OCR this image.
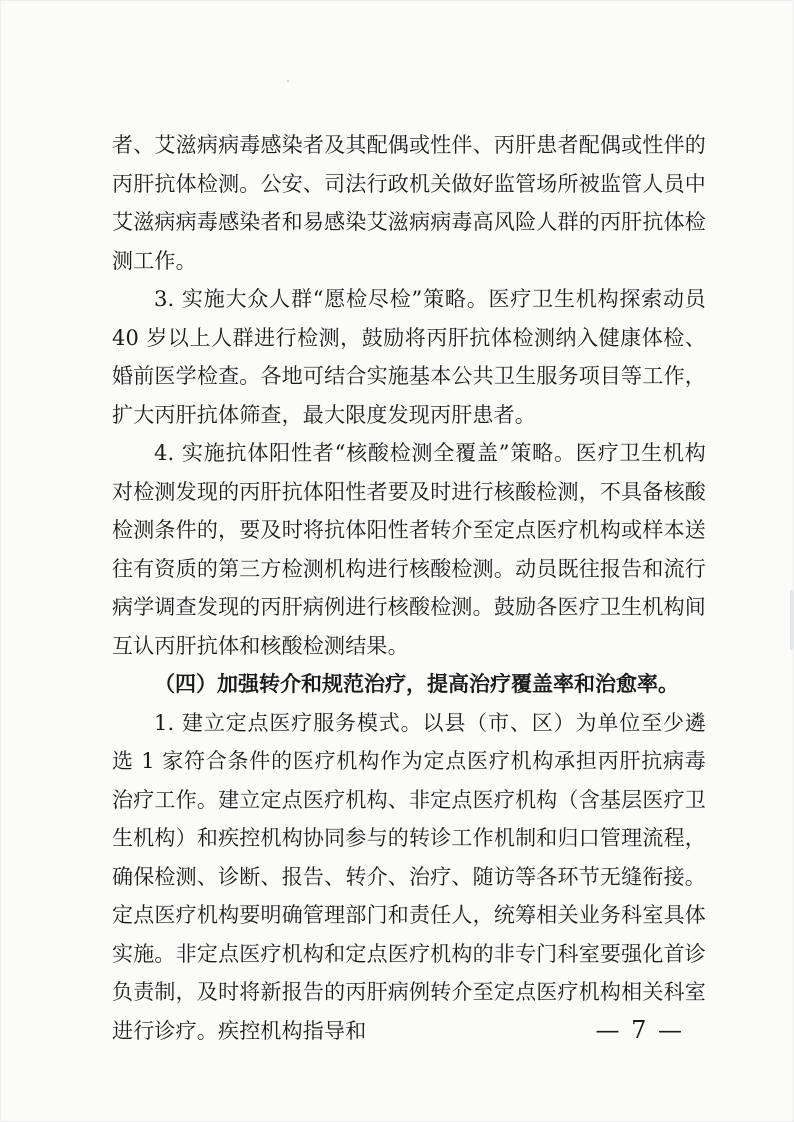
者、艾滋病病毒感染者及其配偶或性伴、丙肝患者配偶或性伴的丙肝抗体检测。公安、司法行政机关做好监管场所被监管人员中艾滋病病毒感染者和易感染艾滋病病毒高风险人群的丙肝抗体检测工作。

3. 实施大众人群“愿检尽检”策略。医疗卫生机构探索动员 40 岁以上人群进行检测，鼓励将丙肝抗体检测纳入健康体检、婚前医学检查。各地可结合实施基本公共卫生服务项目等工作，扩大丙肝抗体筛查，最大限度发现丙肝患者。

4. 实施抗体阳性者“核酸检测全覆盖”策略。医疗卫生机构对检测发现的丙肝抗体阳性者要及时进行核酸检测，不具备核酸检测条件的，要及时将抗体阳性者转介至定点医疗机构或样本送往有资质的第三方检测机构进行核酸检测。动员既往报告和流行病学调查发现的丙肝病例进行核酸检测。鼓励各医疗卫生机构间互认丙肝抗体和核酸检测结果。

（四）加强转介和规范治疗，提高治疗覆盖率和治愈率。

1. 建立定点医疗服务模式。以县（市、区）为单位至少遴选 1 家符合条件的医疗机构作为定点医疗机构承担丙肝抗病毒治疗工作。建立定点医疗机构、非定点医疗机构（含基层医疗卫生机构）和疾控机构协同参与的转诊工作机制和归口管理流程，确保检测、诊断、报告、转介、治疗、随访等各环节无缝衔接。定点医疗机构要明确管理部门和责任人，统筹相关业务科室具体实施。非定点医疗机构和定点医疗机构的非专门科室要强化首诊负责制，及时将新报告的丙肝病例转介至定点医疗机构相关科室进行诊疗。疾控机构指导和	— 7 —
